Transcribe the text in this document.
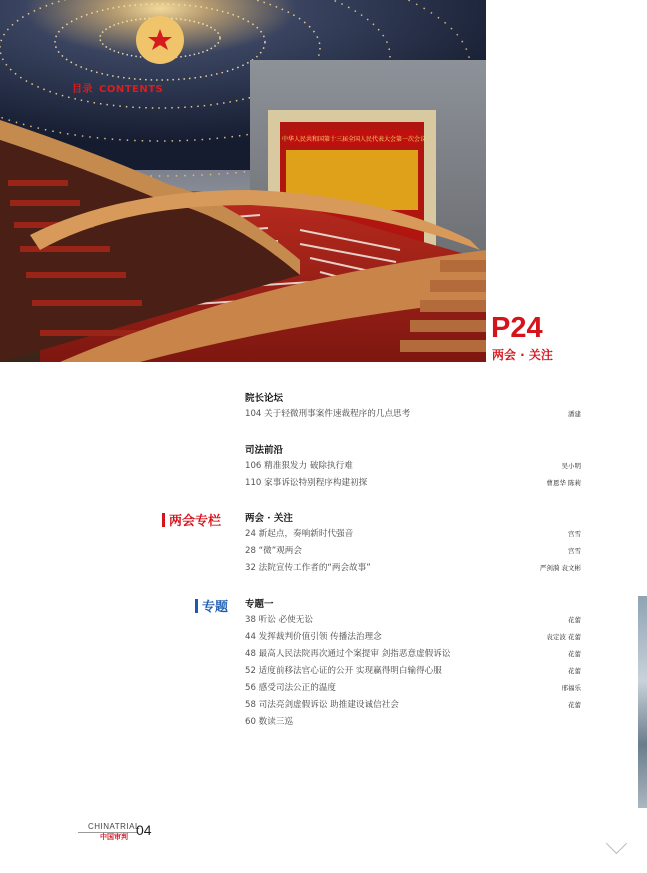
中华人民共和国第十三届全国人民代表大会第一次会议
目录 CONTENTS
P24
两会 · 关注
两会专栏
专题
院长论坛
104 关于轻微刑事案件速裁程序的几点思考	潘建
司法前沿
106 精准狠发力 破除执行难	吴小明
110 家事诉讼特别程序构建初探	曹恩华 陈莉
两会 · 关注
24 新起点，奏响新时代强音	宫雪
28 “微”观两会	宫雪
32 法院宣传工作者的“两会故事”	严剑漪 袁文彬
专题一
38 听讼 必使无讼	花蕾
44 发挥裁判价值引领 传播法治理念	袁定波 花蕾
48 最高人民法院再次通过个案提审 剑指恶意虚假诉讼	花蕾
52 适度前移法官心证的公开 实现赢得明白输得心服	花蕾
56 感受司法公正的温度	邢福乐
58 司法亮剑虚假诉讼 助推建设诚信社会	花蕾
60 数读三巡
CHINATRIAL
中国审判 04
